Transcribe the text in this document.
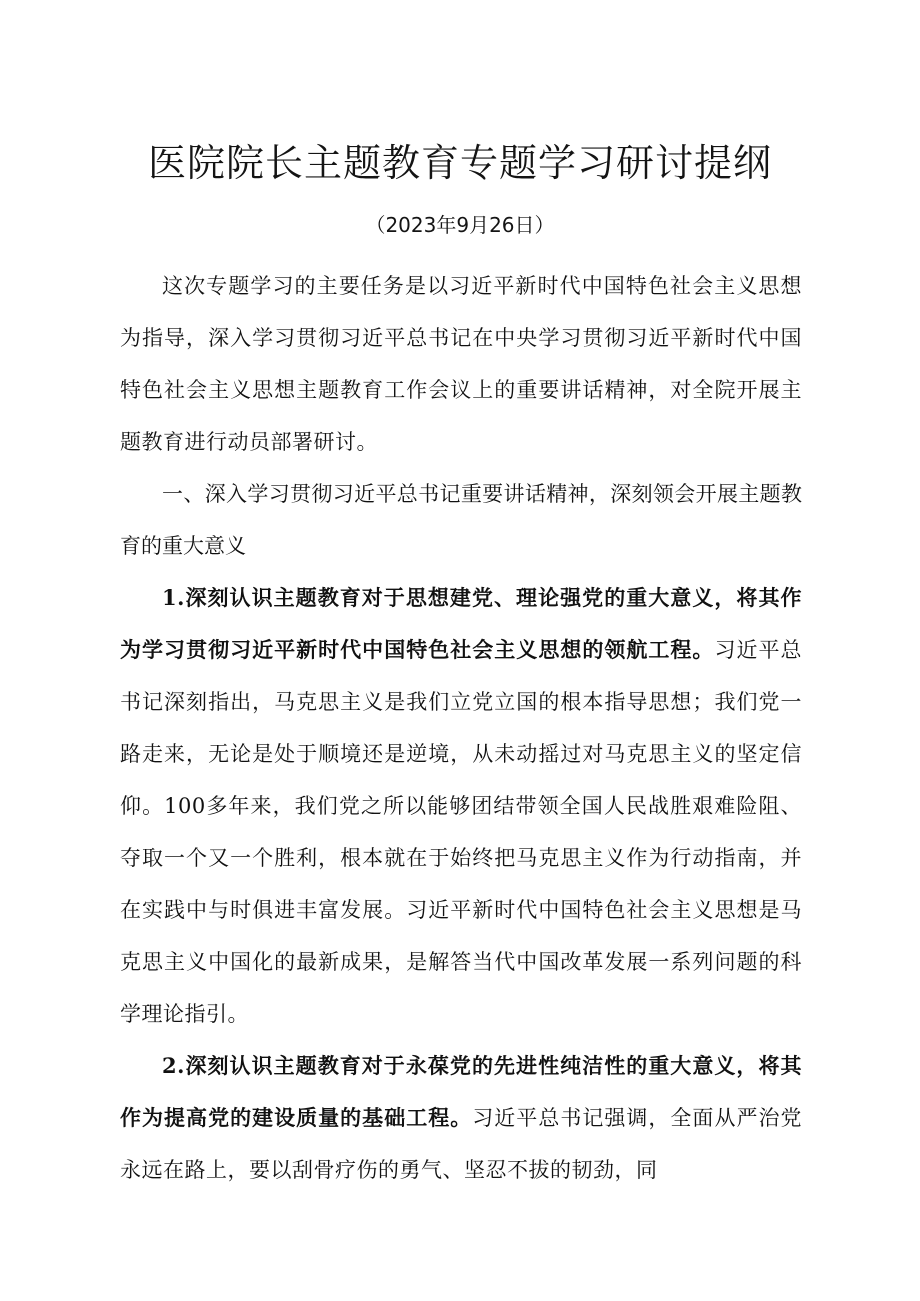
医院院长主题教育专题学习研讨提纲
（2023年9月26日）

这次专题学习的主要任务是以习近平新时代中国特色社会主义思想为指导，深入学习贯彻习近平总书记在中央学习贯彻习近平新时代中国特色社会主义思想主题教育工作会议上的重要讲话精神，对全院开展主题教育进行动员部署研讨。

一、深入学习贯彻习近平总书记重要讲话精神，深刻领会开展主题教育的重大意义

1.深刻认识主题教育对于思想建党、理论强党的重大意义，将其作为学习贯彻习近平新时代中国特色社会主义思想的领航工程。习近平总书记深刻指出，马克思主义是我们立党立国的根本指导思想；我们党一路走来，无论是处于顺境还是逆境，从未动摇过对马克思主义的坚定信仰。100多年来，我们党之所以能够团结带领全国人民战胜艰难险阻、夺取一个又一个胜利，根本就在于始终把马克思主义作为行动指南，并在实践中与时俱进丰富发展。习近平新时代中国特色社会主义思想是马克思主义中国化的最新成果，是解答当代中国改革发展一系列问题的科学理论指引。

2.深刻认识主题教育对于永葆党的先进性纯洁性的重大意义，将其作为提高党的建设质量的基础工程。习近平总书记强调，全面从严治党永远在路上，要以刮骨疗伤的勇气、坚忍不拔的韧劲，同
